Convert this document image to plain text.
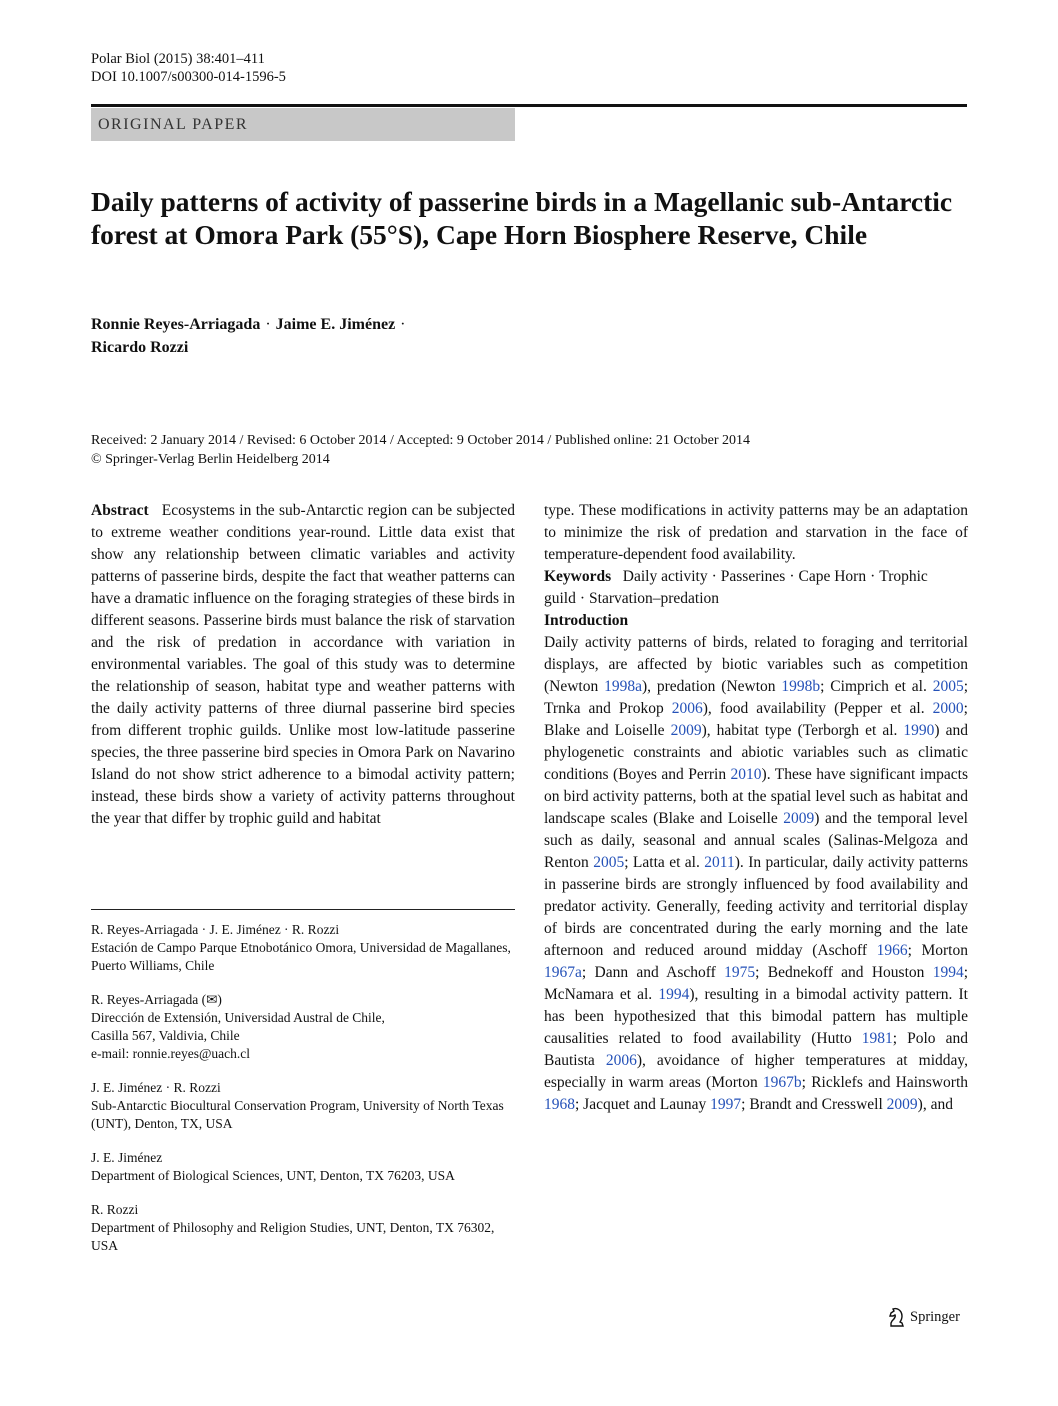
Polar Biol (2015) 38:401–411
DOI 10.1007/s00300-014-1596-5
ORIGINAL PAPER
Daily patterns of activity of passerine birds in a Magellanic sub-Antarctic forest at Omora Park (55°S), Cape Horn Biosphere Reserve, Chile
Ronnie Reyes-Arriagada · Jaime E. Jiménez ·
Ricardo Rozzi
Received: 2 January 2014 / Revised: 6 October 2014 / Accepted: 9 October 2014 / Published online: 21 October 2014
© Springer-Verlag Berlin Heidelberg 2014

Abstract Ecosystems in the sub-Antarctic region can be subjected to extreme weather conditions year-round. Little data exist that show any relationship between climatic variables and activity patterns of passerine birds, despite the fact that weather patterns can have a dramatic influence on the foraging strategies of these birds in different seasons. Passerine birds must balance the risk of starvation and the risk of predation in accordance with variation in environmental variables. The goal of this study was to determine the relationship of season, habitat type and weather patterns with the daily activity patterns of three diurnal passerine bird species from different trophic guilds. Unlike most low-latitude passerine species, the three passerine bird species in Omora Park on Navarino Island do not show strict adherence to a bimodal activity pattern; instead, these birds show a variety of activity patterns throughout the year that differ by trophic guild and habitat

type. These modifications in activity patterns may be an adaptation to minimize the risk of predation and starvation in the face of temperature-dependent food availability.

Keywords Daily activity · Passerines · Cape Horn · Trophic guild · Starvation–predation

Introduction

Daily activity patterns of birds, related to foraging and territorial displays, are affected by biotic variables such as competition (Newton 1998a), predation (Newton 1998b; Cimprich et al. 2005; Trnka and Prokop 2006), food availability (Pepper et al. 2000; Blake and Loiselle 2009), habitat type (Terborgh et al. 1990) and phylogenetic constraints and abiotic variables such as climatic conditions (Boyes and Perrin 2010). These have significant impacts on bird activity patterns, both at the spatial level such as habitat and landscape scales (Blake and Loiselle 2009) and the temporal level such as daily, seasonal and annual scales (Salinas-Melgoza and Renton 2005; Latta et al. 2011). In particular, daily activity patterns in passerine birds are strongly influenced by food availability and predator activity. Generally, feeding activity and territorial display of birds are concentrated during the early morning and the late afternoon and reduced around midday (Aschoff 1966; Morton 1967a; Dann and Aschoff 1975; Bednekoff and Houston 1994; McNamara et al. 1994), resulting in a bimodal activity pattern. It has been hypothesized that this bimodal pattern has multiple causalities related to food availability (Hutto 1981; Polo and Bautista 2006), avoidance of higher temperatures at midday, especially in warm areas (Morton 1967b; Ricklefs and Hainsworth 1968; Jacquet and Launay 1997; Brandt and Cresswell 2009), and

R. Reyes-Arriagada · J. E. Jiménez · R. Rozzi
Estación de Campo Parque Etnobotánico Omora, Universidad de Magallanes, Puerto Williams, Chile
R. Reyes-Arriagada (✉)
Dirección de Extensión, Universidad Austral de Chile,
Casilla 567, Valdivia, Chile
e-mail: ronnie.reyes@uach.cl
J. E. Jiménez · R. Rozzi
Sub-Antarctic Biocultural Conservation Program, University of North Texas (UNT), Denton, TX, USA
J. E. Jiménez
Department of Biological Sciences, UNT, Denton, TX 76203, USA
R. Rozzi
Department of Philosophy and Religion Studies, UNT, Denton, TX 76302, USA
Springer
